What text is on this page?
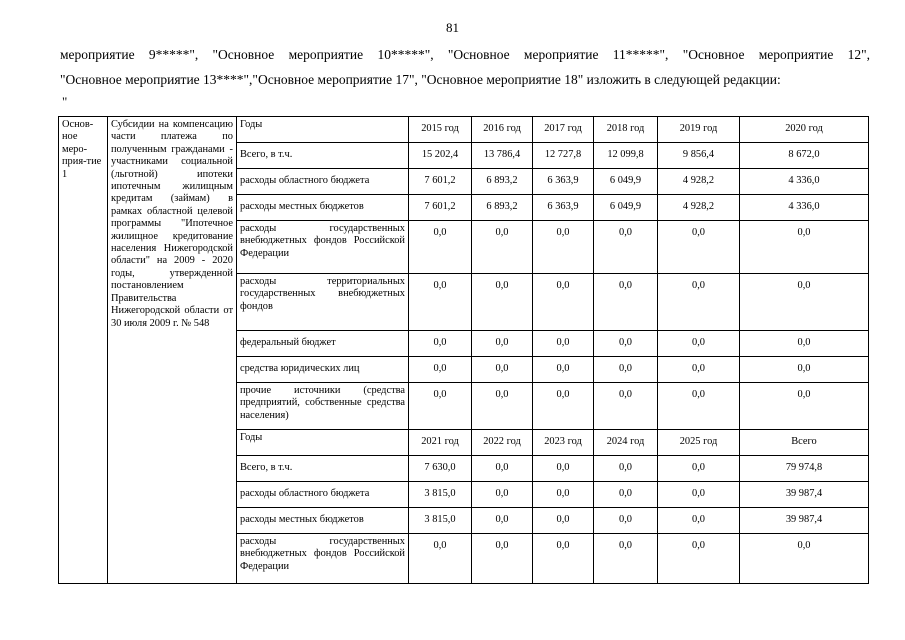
81

мероприятие 9*****", "Основное мероприятие 10*****", "Основное мероприятие 11*****", "Основное мероприятие 12",

"Основное мероприятие 13****","Основное мероприятие 17", "Основное мероприятие 18" изложить в следующей редакции:

"
Основ-ное меро-прия-тие 1	Субсидии на компенсацию части платежа по полученным гражданами - участниками социальной (льготной) ипотеки ипотечным жилищным кредитам (займам) в рамках областной целевой программы "Ипотечное жилищное кредитование населения Нижегородской области" на 2009 - 2020 годы, утвержденной постановлением Правительства Нижегородской области от 30 июля 2009 г. № 548	Годы	2015 год	2016 год	2017 год	2018 год	2019 год	2020 год
		Всего, в т.ч.	15 202,4	13 786,4	12 727,8	12 099,8	9 856,4	8 672,0
		расходы областного бюджета	7 601,2	6 893,2	6 363,9	6 049,9	4 928,2	4 336,0
		расходы местных бюджетов	7 601,2	6 893,2	6 363,9	6 049,9	4 928,2	4 336,0
		расходы государственных внебюджетных фондов Российской Федерации	0,0	0,0	0,0	0,0	0,0	0,0
		расходы территориальных государственных внебюджетных фондов	0,0	0,0	0,0	0,0	0,0	0,0
		федеральный бюджет	0,0	0,0	0,0	0,0	0,0	0,0
		средства юридических лиц	0,0	0,0	0,0	0,0	0,0	0,0
		прочие источники (средства предприятий, собственные средства населения)	0,0	0,0	0,0	0,0	0,0	0,0
		Годы	2021 год	2022 год	2023 год	2024 год	2025 год	Всего
		Всего, в т.ч.	7 630,0	0,0	0,0	0,0	0,0	79 974,8
		расходы областного бюджета	3 815,0	0,0	0,0	0,0	0,0	39 987,4
		расходы местных бюджетов	3 815,0	0,0	0,0	0,0	0,0	39 987,4
		расходы государственных внебюджетных фондов Российской Федерации	0,0	0,0	0,0	0,0	0,0	0,0
